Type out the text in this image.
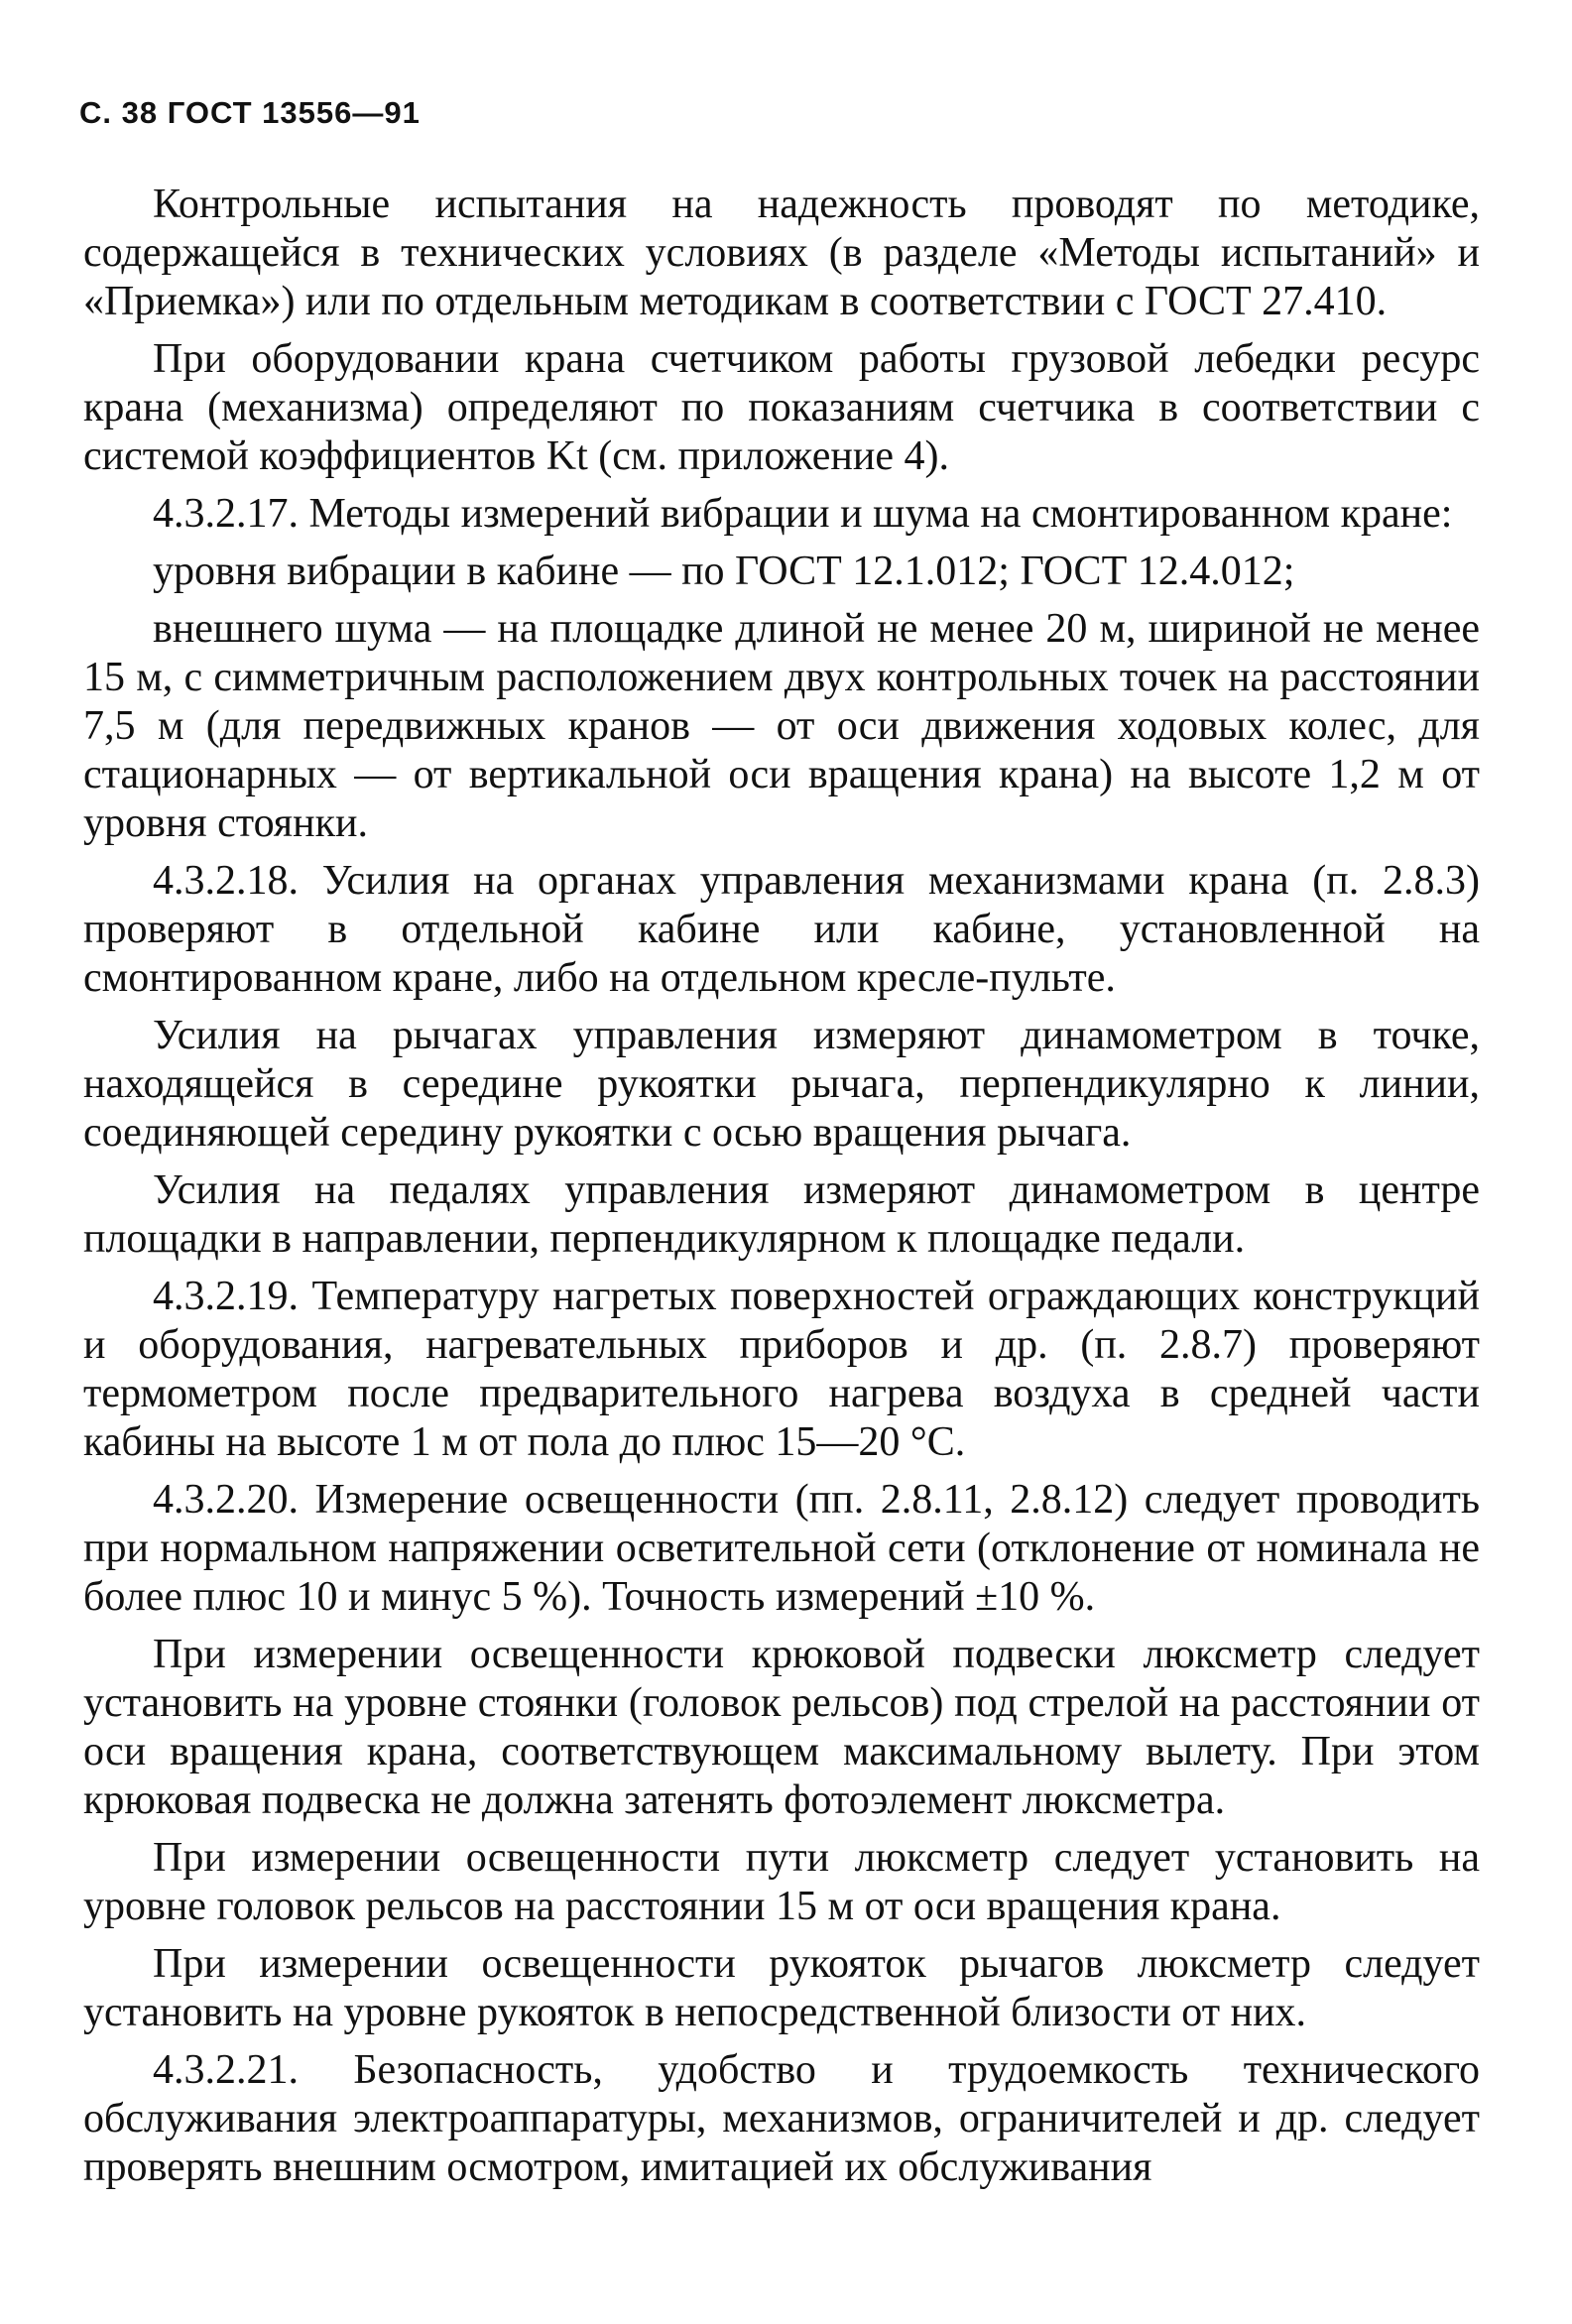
С. 38 ГОСТ 13556—91

Контрольные испытания на надежность проводят по методике, содержащейся в технических условиях (в разделе «Методы испытаний» и «Приемка») или по отдельным методикам в соответствии с ГОСТ 27.410.

При оборудовании крана счетчиком работы грузовой лебедки ресурс крана (механизма) определяют по показаниям счетчика в соответствии с системой коэффициентов Kt (см. приложение 4).

4.3.2.17. Методы измерений вибрации и шума на смонтированном кране:

уровня вибрации в кабине — по ГОСТ 12.1.012; ГОСТ 12.4.012;

внешнего шума — на площадке длиной не менее 20 м, шириной не менее 15 м, с симметричным расположением двух контрольных точек на расстоянии 7,5 м (для передвижных кранов — от оси движения ходовых колес, для стационарных — от вертикальной оси вращения крана) на высоте 1,2 м от уровня стоянки.

4.3.2.18. Усилия на органах управления механизмами крана (п. 2.8.3) проверяют в отдельной кабине или кабине, установленной на смонтированном кране, либо на отдельном кресле-пульте.

Усилия на рычагах управления измеряют динамометром в точке, находящейся в середине рукоятки рычага, перпендикулярно к линии, соединяющей середину рукоятки с осью вращения рычага.

Усилия на педалях управления измеряют динамометром в центре площадки в направлении, перпендикулярном к площадке педали.

4.3.2.19. Температуру нагретых поверхностей ограждающих конструкций и оборудования, нагревательных приборов и др. (п. 2.8.7) проверяют термометром после предварительного нагрева воздуха в средней части кабины на высоте 1 м от пола до плюс 15—20 °С.

4.3.2.20. Измерение освещенности (пп. 2.8.11, 2.8.12) следует проводить при нормальном напряжении осветительной сети (отклонение от номинала не более плюс 10 и минус 5 %). Точность измерений ±10 %.

При измерении освещенности крюковой подвески люксметр следует установить на уровне стоянки (головок рельсов) под стрелой на расстоянии от оси вращения крана, соответствующем максимальному вылету. При этом крюковая подвеска не должна затенять фотоэлемент люксметра.

При измерении освещенности пути люксметр следует установить на уровне головок рельсов на расстоянии 15 м от оси вращения крана.

При измерении освещенности рукояток рычагов люксметр следует установить на уровне рукояток в непосредственной близости от них.

4.3.2.21. Безопасность, удобство и трудоемкость технического обслуживания электроаппаратуры, механизмов, ограничителей и др. следует проверять внешним осмотром, имитацией их обслуживания
